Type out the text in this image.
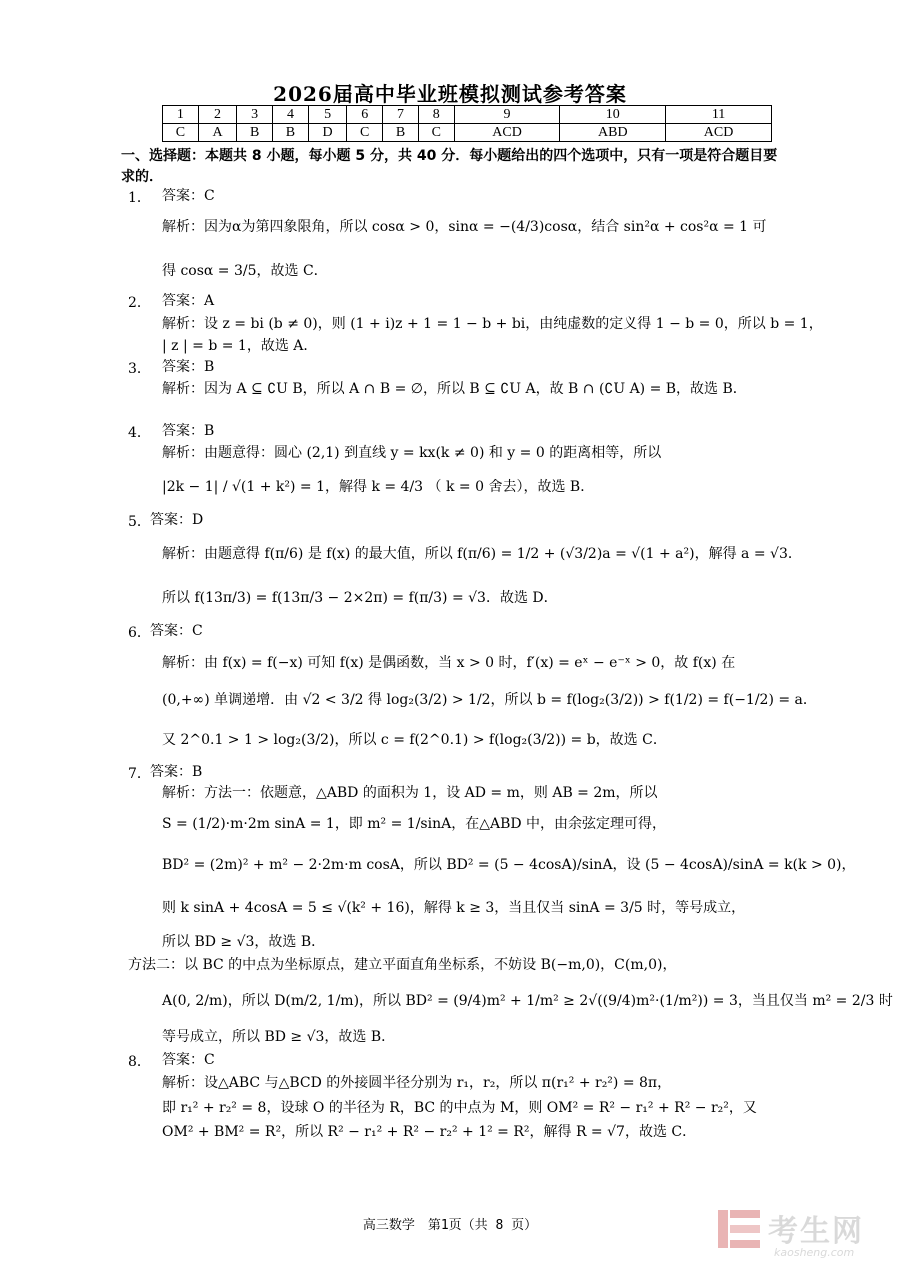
2026届高中毕业班模拟测试参考答案
1	2	3	4	5	6	7	8	9	10	11
C	A	B	B	D	C	B	C	ACD	ABD	ACD
一、选择题：本题共 8 小题，每小题 5 分，共 40 分．每小题给出的四个选项中，只有一项是符合题目要求的．
1． 答案：C
解析：因为α为第四象限角，所以 cosα > 0，sinα = −(4/3)cosα，结合 sin²α + cos²α = 1 可
得 cosα = 3/5，故选 C．
2． 答案：A
解析：设 z = bi (b ≠ 0)，则 (1 + i)z + 1 = 1 − b + bi，由纯虚数的定义得 1 − b = 0，所以 b = 1，
| z | = b = 1，故选 A．
3． 答案：B
解析：因为 A ⊆ ∁U B，所以 A ∩ B = ∅，所以 B ⊆ ∁U A，故 B ∩ (∁U A) = B，故选 B．
4． 答案：B
解析：由题意得：圆心 (2,1) 到直线 y = kx(k ≠ 0) 和 y = 0 的距离相等，所以
|2k − 1| / √(1 + k²) = 1，解得 k = 4/3 （ k = 0 舍去），故选 B．
5． 答案：D
解析：由题意得 f(π/6) 是 f(x) 的最大值，所以 f(π/6) = 1/2 + (√3/2)a = √(1 + a²)，解得 a = √3．
所以 f(13π/3) = f(13π/3 − 2×2π) = f(π/3) = √3．故选 D．
6． 答案：C
解析：由 f(x) = f(−x) 可知 f(x) 是偶函数，当 x > 0 时，f′(x) = eˣ − e⁻ˣ > 0，故 f(x) 在
(0,+∞) 单调递增．由 √2 < 3/2 得 log₂(3/2) > 1/2，所以 b = f(log₂(3/2)) > f(1/2) = f(−1/2) = a．
又 2^0.1 > 1 > log₂(3/2)，所以 c = f(2^0.1) > f(log₂(3/2)) = b，故选 C．
7． 答案：B
解析：方法一：依题意，△ABD 的面积为 1，设 AD = m，则 AB = 2m，所以
S = (1/2)·m·2m sinA = 1，即 m² = 1/sinA，在△ABD 中，由余弦定理可得，
BD² = (2m)² + m² − 2·2m·m cosA，所以 BD² = (5 − 4cosA)/sinA，设 (5 − 4cosA)/sinA = k(k > 0)，
则 k sinA + 4cosA = 5 ≤ √(k² + 16)，解得 k ≥ 3，当且仅当 sinA = 3/5 时，等号成立，
所以 BD ≥ √3，故选 B．
方法二：以 BC 的中点为坐标原点，建立平面直角坐标系，不妨设 B(−m,0)，C(m,0)，
A(0, 2/m)，所以 D(m/2, 1/m)，所以 BD² = (9/4)m² + 1/m² ≥ 2√((9/4)m²·(1/m²)) = 3，当且仅当 m² = 2/3 时
等号成立，所以 BD ≥ √3，故选 B．
8． 答案：C
解析：设△ABC 与△BCD 的外接圆半径分别为 r₁，r₂，所以 π(r₁² + r₂²) = 8π，
即 r₁² + r₂² = 8，设球 O 的半径为 R，BC 的中点为 M，则 OM² = R² − r₁² + R² − r₂²，又
OM² + BM² = R²，所以 R² − r₁² + R² − r₂² + 1² = R²，解得 R = √7，故选 C．
高三数学　第1页（共 8 页）	考生网
kaosheng.com
